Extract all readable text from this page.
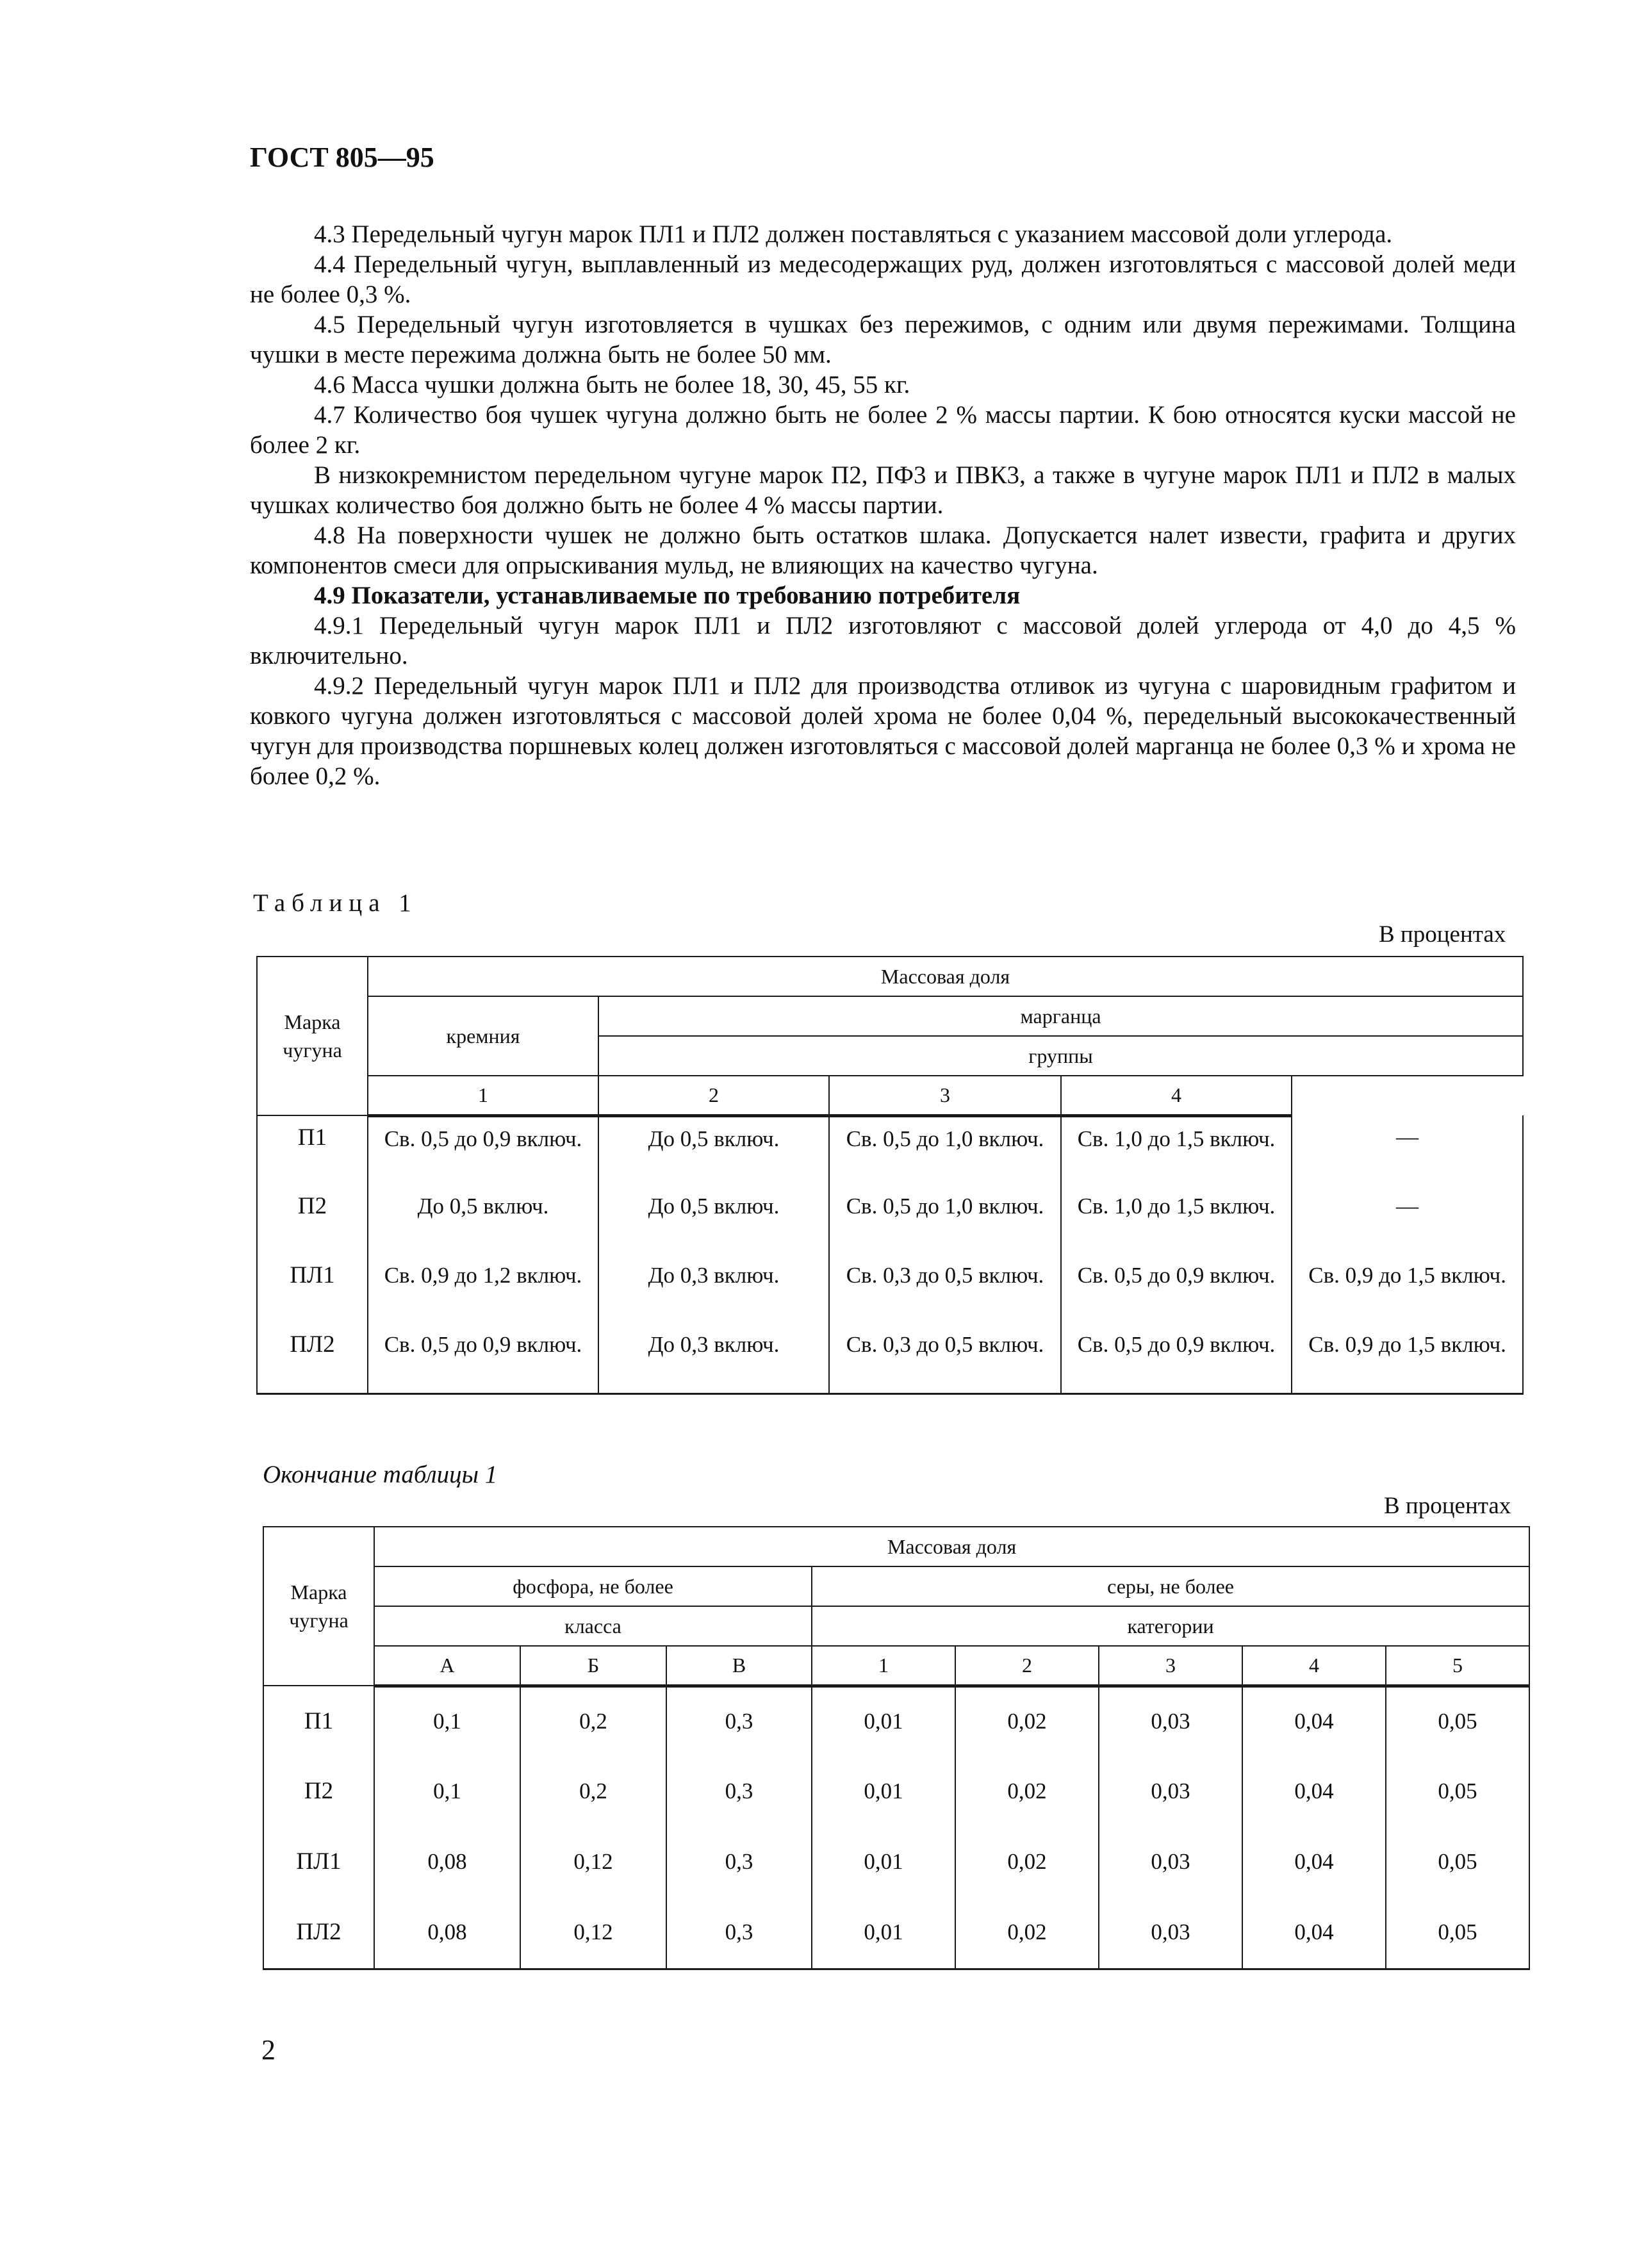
ГОСТ 805—95

4.3 Передельный чугун марок ПЛ1 и ПЛ2 должен поставляться с указанием массовой доли углерода.

4.4 Передельный чугун, выплавленный из медесодержащих руд, должен изготовляться с массовой долей меди не более 0,3 %.

4.5 Передельный чугун изготовляется в чушках без пережимов, с одним или двумя пережимами. Толщина чушки в месте пережима должна быть не более 50 мм.

4.6 Масса чушки должна быть не более 18, 30, 45, 55 кг.

4.7 Количество боя чушек чугуна должно быть не более 2 % массы партии. К бою относятся куски массой не более 2 кг.

В низкокремнистом передельном чугуне марок П2, ПФ3 и ПВК3, а также в чугуне марок ПЛ1 и ПЛ2 в малых чушках количество боя должно быть не более 4 % массы партии.

4.8 На поверхности чушек не должно быть остатков шлака. Допускается налет извести, графита и других компонентов смеси для опрыскивания мульд, не влияющих на качество чугуна.

4.9 Показатели, устанавливаемые по требованию потребителя

4.9.1 Передельный чугун марок ПЛ1 и ПЛ2 изготовляют с массовой долей углерода от 4,0 до 4,5 % включительно.

4.9.2 Передельный чугун марок ПЛ1 и ПЛ2 для производства отливок из чугуна с шаровидным графитом и ковкого чугуна должен изготовляться с массовой долей хрома не более 0,04 %, передельный высококачественный чугун для производства поршневых колец должен изготовляться с массовой долей марганца не более 0,3 % и хрома не более 0,2 %.

Таблица 1
В процентах
Марка чугуна	Массовая доля				
	кремния	марганца			
		группы			
	1	2	3	4	
П1	Св. 0,5 до 0,9 включ.	До 0,5 включ.	Св. 0,5 до 1,0 включ.	Св. 1,0 до 1,5 включ.	—
П2	До 0,5 включ.	До 0,5 включ.	Св. 0,5 до 1,0 включ.	Св. 1,0 до 1,5 включ.	—
ПЛ1	Св. 0,9 до 1,2 включ.	До 0,3 включ.	Св. 0,3 до 0,5 включ.	Св. 0,5 до 0,9 включ.	Св. 0,9 до 1,5 включ.
ПЛ2	Св. 0,5 до 0,9 включ.	До 0,3 включ.	Св. 0,3 до 0,5 включ.	Св. 0,5 до 0,9 включ.	Св. 0,9 до 1,5 включ.
Окончание таблицы 1
В процентах
Марка чугуна	Массовая доля							
	фосфора, не более			серы, не более				
	класса			категории				
	А	Б	В	1	2	3	4	5
П1	0,1	0,2	0,3	0,01	0,02	0,03	0,04	0,05
П2	0,1	0,2	0,3	0,01	0,02	0,03	0,04	0,05
ПЛ1	0,08	0,12	0,3	0,01	0,02	0,03	0,04	0,05
ПЛ2	0,08	0,12	0,3	0,01	0,02	0,03	0,04	0,05
2
